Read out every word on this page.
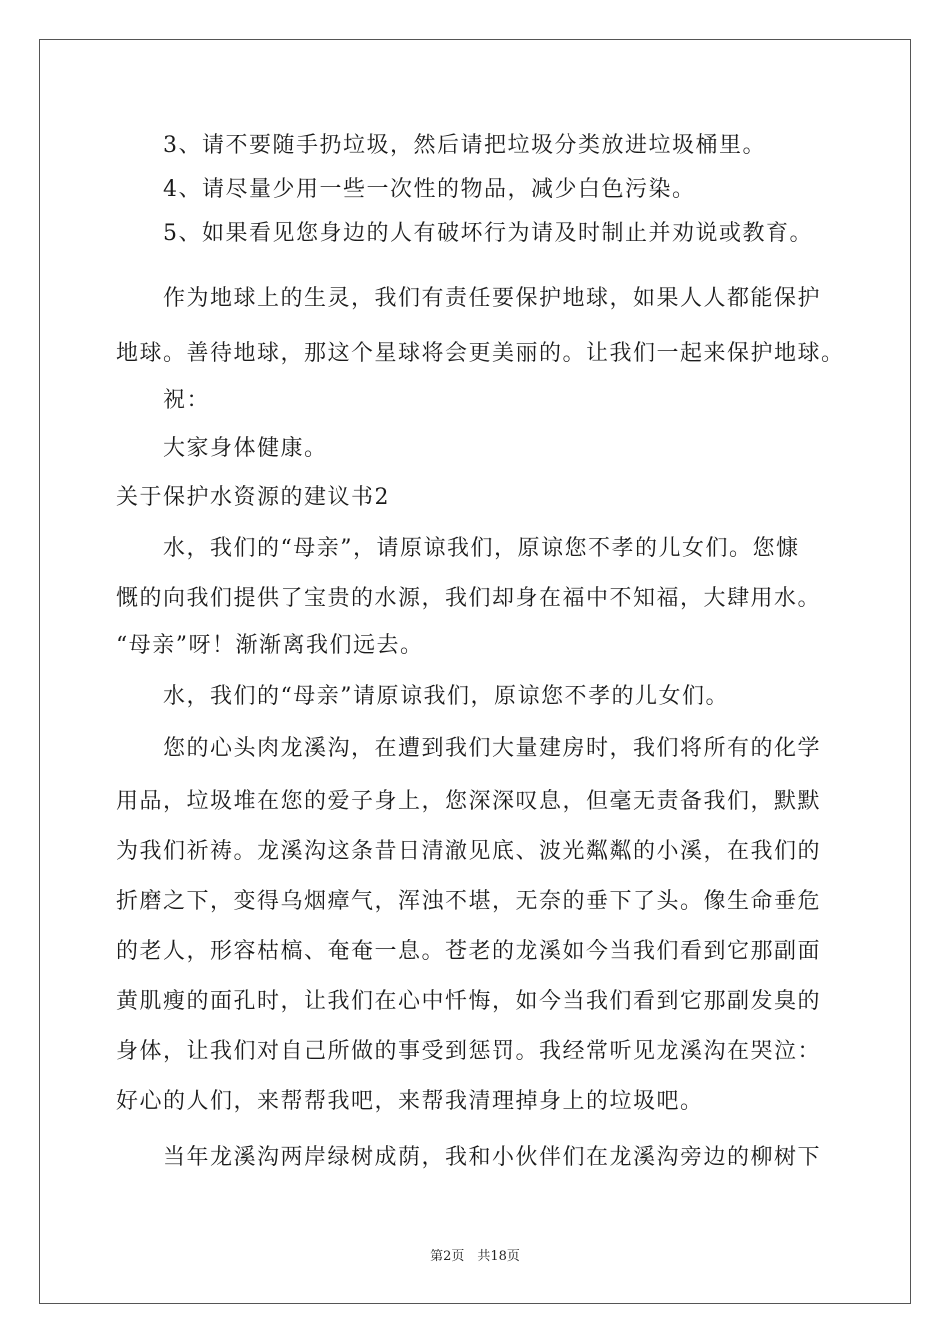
3、请不要随手扔垃圾，然后请把垃圾分类放进垃圾桶里。
4、请尽量少用一些一次性的物品，减少白色污染。
5、如果看见您身边的人有破坏行为请及时制止并劝说或教育。
作为地球上的生灵，我们有责任要保护地球，如果人人都能保护
地球。善待地球，那这个星球将会更美丽的。让我们一起来保护地球。
祝：
大家身体健康。
关于保护水资源的建议书2
水，我们的“母亲”，请原谅我们，原谅您不孝的儿女们。您慷
慨的向我们提供了宝贵的水源，我们却身在福中不知福，大肆用水。
“母亲”呀！渐渐离我们远去。
水，我们的“母亲”请原谅我们，原谅您不孝的儿女们。
您的心头肉龙溪沟，在遭到我们大量建房时，我们将所有的化学
用品，垃圾堆在您的爱子身上，您深深叹息，但毫无责备我们，默默
为我们祈祷。龙溪沟这条昔日清澈见底、波光粼粼的小溪，在我们的
折磨之下，变得乌烟瘴气，浑浊不堪，无奈的垂下了头。像生命垂危
的老人，形容枯槁、奄奄一息。苍老的龙溪如今当我们看到它那副面
黄肌瘦的面孔时，让我们在心中忏悔，如今当我们看到它那副发臭的
身体，让我们对自己所做的事受到惩罚。我经常听见龙溪沟在哭泣：
好心的人们，来帮帮我吧，来帮我清理掉身上的垃圾吧。
当年龙溪沟两岸绿树成荫，我和小伙伴们在龙溪沟旁边的柳树下
第2页　共18页
